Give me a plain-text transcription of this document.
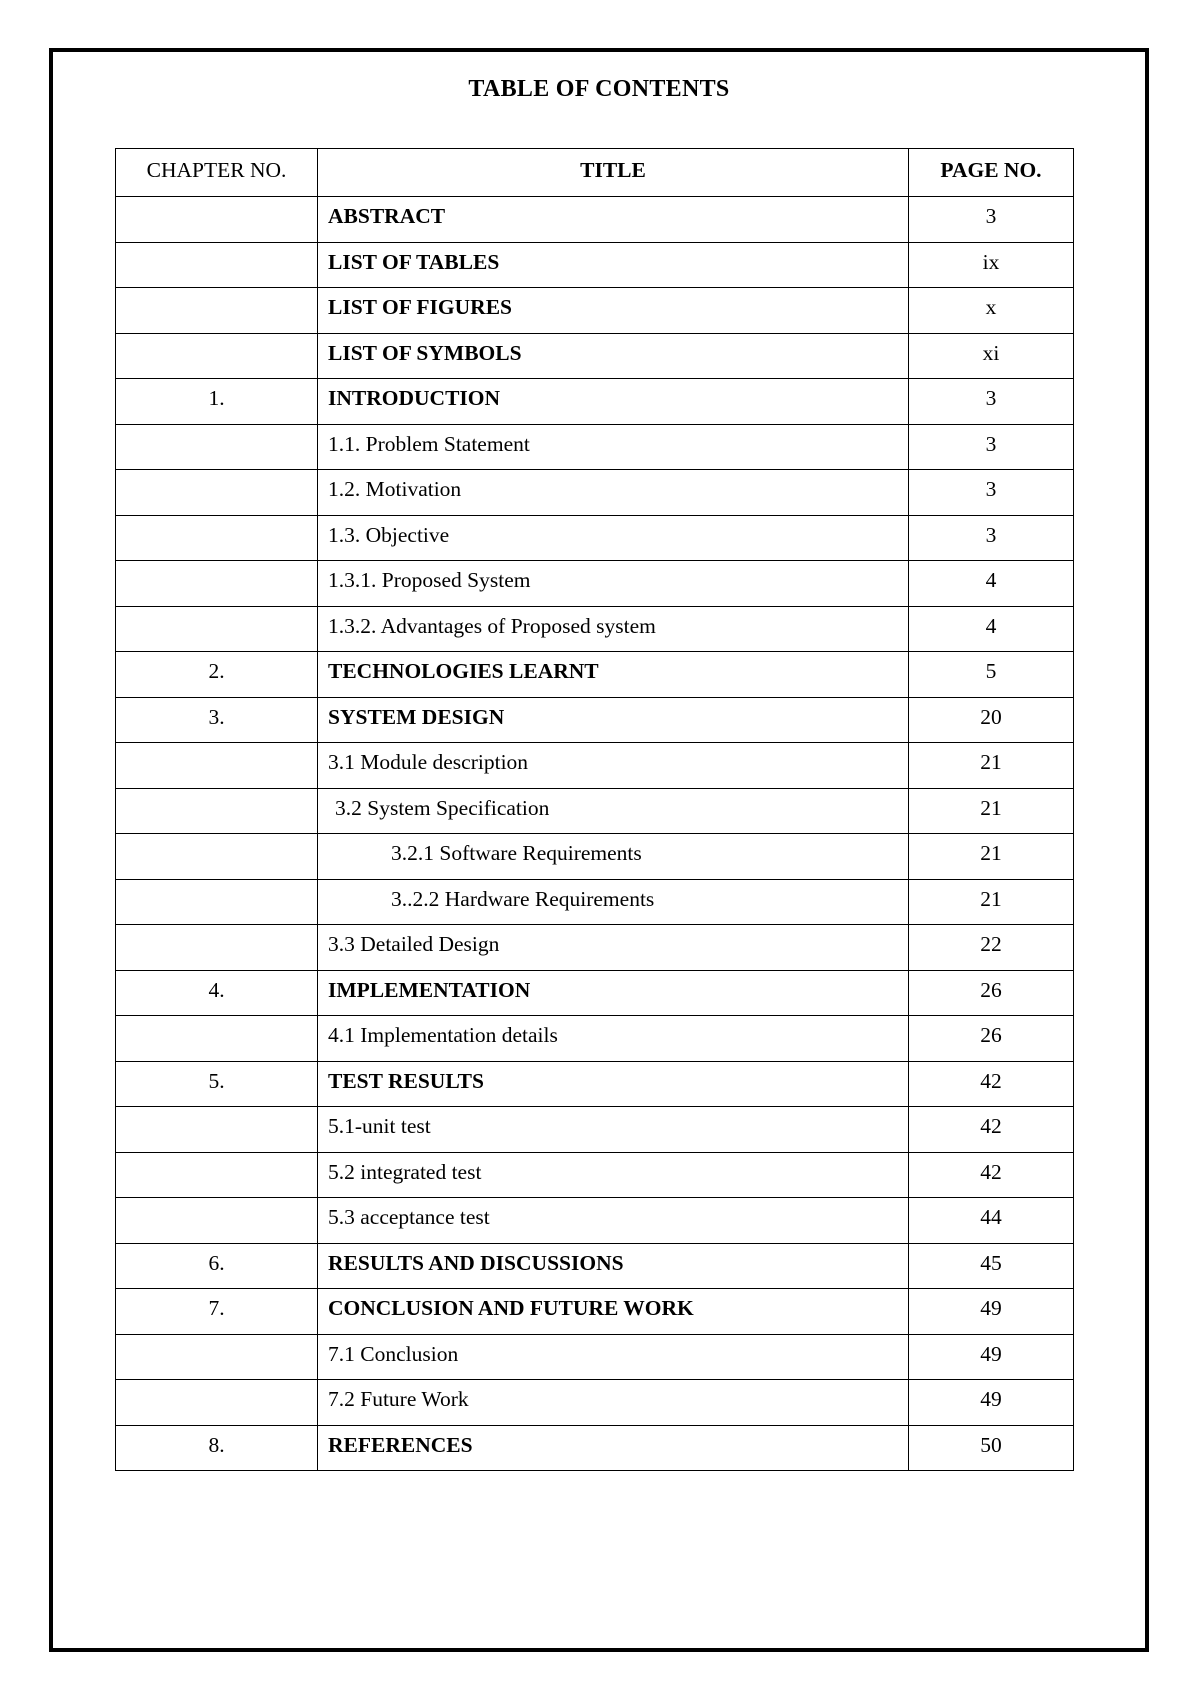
TABLE OF CONTENTS
CHAPTER NO.	TITLE	PAGE NO.
	ABSTRACT	3
	LIST OF TABLES	ix
	LIST OF FIGURES	x
	LIST OF SYMBOLS	xi
1.	INTRODUCTION	3
	1.1. Problem Statement	3
	1.2. Motivation	3
	1.3. Objective	3
	1.3.1. Proposed System	4
	1.3.2. Advantages of Proposed system	4
2.	TECHNOLOGIES LEARNT	5
3.	SYSTEM DESIGN	20
	3.1 Module description	21
	3.2 System Specification	21
	3.2.1 Software Requirements	21
	3..2.2 Hardware Requirements	21
	3.3 Detailed Design	22
4.	IMPLEMENTATION	26
	4.1 Implementation details	26
5.	TEST RESULTS	42
	5.1-unit test	42
	5.2 integrated test	42
	5.3 acceptance test	44
6.	RESULTS AND DISCUSSIONS	45
7.	CONCLUSION AND FUTURE WORK	49
	7.1 Conclusion	49
	7.2 Future Work	49
8.	REFERENCES	50
